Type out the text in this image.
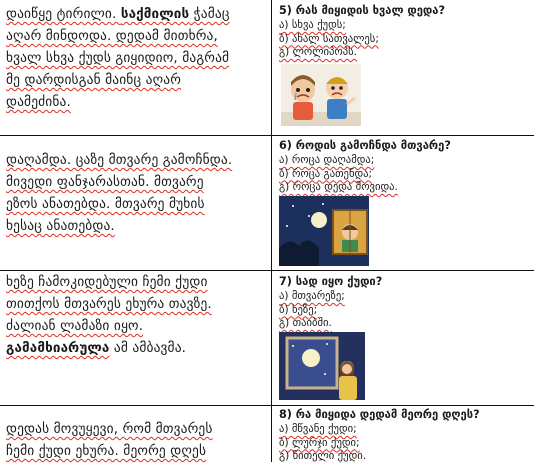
დაიწყე ტირილი. საქმილის ჭამაც
აღარ მინდოდა. დედამ მითხრა,
ხვალ სხვა ქუდს გიყიდიო, მაგრამ
მე დარდისგან მაინც აღარ
დამეძინა.
5) რას მიყიდის ხვალ დედა?
ა) სხვა ქუდს;
ბ) ახალ სათვალეს;
გ) ლოლიპოპს.
დაღამდა. ცაზე მთვარე გამოჩნდა.
მივედი ფანჯარასთან. მთვარე
ეზოს ანათებდა. მთვარე მუხის
ხესაც ანათებდა.
6) როდის გამოჩნდა მთვარე?
ა) როცა დაღამდა;
ბ) როცა გათენდა;
გ) როცა დედა მოვიდა.
ხეზე ჩამოკიდებული ჩემი ქუდი
თითქოს მთვარეს ეხურა თავზე.
ძალიან ლამაზი იყო.
გამამხიარულა ამ ამბავმა.
7) სად იყო ქუდი?
ა) მთვარეზე;
ბ) ხეზე;
გ) თაიბში.
დედას მოვუყევი, რომ მთვარეს
ჩემი ქუდი ეხურა. მეორე დღეს
8) რა მიყიდა დედამ მეორე დღეს?
ა) მწვანე ქუდი;
ბ) ლურჯი ქუდი;
გ) წითელი ქუდი.
